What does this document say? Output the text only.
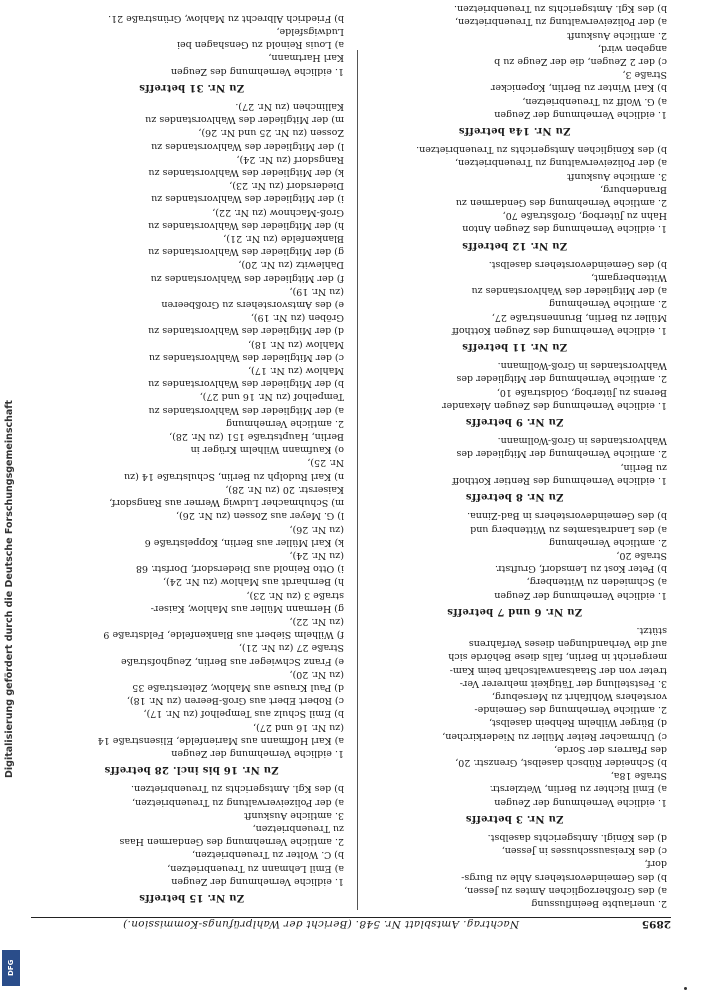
Digitalisierung gefördert durch die Deutsche Forschungsgemeinschaft
DFG
2895
Nachtrag. Amtsblatt Nr. 548. (Bericht der Wahlprüfungs-Kommission.)
2. unerlaubte Beeinflussung
a) des Großherzoglichen Amtes zu Jessen,
b) des Gemeindevorstehers Ahle zu Burgs-
dorf,
c) des Kreisausschusses in Jessen,
d) des Königl. Amtsgerichts daselbst.
Zu Nr. 3 betreffs
1. eidliche Vernehmung der Zeugen
a) Emil Richter zu Berlin, Wetzlerstr.
Straße 18a,
b) Schneider Rübsch daselbst, Grenzstr. 20,
des Pfarrers der Sorde,
c) Uhrmacher Reiter Müller zu Niederkirchen,
d) Bürger Wilhelm Rehbein daselbst,
2. amtliche Vernehmung des Gemeinde-
vorstehers Wohlfahrt zu Merseburg,
3. Feststellung der Tätigkeit mehrerer Ver-
treter von der Staatsanwaltschaft beim Kam-
mergericht in Berlin, falls diese Behörde sich
auf die Verhandlungen dieses Verfahrens
stützt.
Zu Nr. 6 und 7 betreffs
1. eidliche Vernehmung der Zeugen
a) Schmieden zu Wittenberg,
b) Peter Kost zu Lemsdorf, Gruftstr.
Straße 20,
2. amtliche Vernehmung
a) des Landratsamtes zu Wittenberg und
b) des Gemeindevorstehers in Bad-Zinna.
Zu Nr. 8 betreffs
1. eidliche Vernehmung des Rentier Kotthoff
zu Berlin,
2. amtliche Vernehmung der Mitglieder des
Wahlvorstandes in Groß-Wollmann.
Zu Nr. 9 betreffs
1. eidliche Vernehmung des Zeugen Alexander
Berens zu Jüterbog, Goldstraße 10,
2. amtliche Vernehmung der Mitglieder des
Wahlvorstandes in Groß-Wollmann.
Zu Nr. 11 betreffs
1. eidliche Vernehmung des Zeugen Kotthoff
Müller zu Berlin, Brunnenstraße 27,
2. amtliche Vernehmung
a) der Mitglieder des Wahlvorstandes zu
Wittenbergamt,
b) des Gemeindevorstehers daselbst.
Zu Nr. 12 betreffs
1. eidliche Vernehmung des Zeugen Anton
Hahn zu Jüterbog, Großstraße 70,
2. amtliche Vernehmung des Gendarmen zu
Brandenburg,
3. amtliche Auskunft
a) der Polizeiverwaltung zu Treuenbrietzen,
b) des Königlichen Amtsgerichts zu Treuenbrietzen.
Zu Nr. 14a betreffs
1. eidliche Vernehmung der Zeugen
a) G. Wolff zu Treuenbrietzen,
b) Karl Winter zu Berlin, Kopenicker
Straße 3,
c) der 2 Zeugen, die der Zeuge zu b
angeben wird,
2. amtliche Auskunft
a) der Polizeiverwaltung zu Treuenbrietzen,
b) des Kgl. Amtsgerichts zu Treuenbrietzen.
Zu Nr. 15 betreffs
1. eidliche Vernehmung der Zeugen
a) Emil Lehmann zu Treuenbrietzen,
b) C. Wolter zu Treuenbrietzen,
2. amtliche Vernehmung des Gendarmen Haas
zu Treuenbrietzen,
3. amtliche Auskunft
a) der Polizeiverwaltung zu Treuenbrietzen,
b) des Kgl. Amtsgerichts zu Treuenbrietzen.
Zu Nr. 16 bis incl. 28 betreffs
1. eidliche Vernehmung der Zeugen
a) Karl Hoffmann aus Marienfelde, Elisenstraße 14
(zu Nr. 16 und 27),
b) Emil Schulz aus Tempelhof (zu Nr. 17),
c) Robert Ebert aus Groß-Beeren (zu Nr. 18),
d) Paul Krause aus Mahlow, Zelterstraße 35
(zu Nr. 20),
e) Franz Schwieger aus Berlin, Zeughofstraße
Straße 27 (zu Nr. 21),
f) Wilhelm Siebert aus Blankenfelde, Feldstraße 9
(zu Nr. 22),
g) Hermann Müller aus Mahlow, Kaiser-
straße 3 (zu Nr. 23),
h) Bernhardt aus Mahlow (zu Nr. 24),
i) Otto Reinold aus Diedersdorf, Dorfstr. 68
(zu Nr. 24),
k) Karl Müller aus Berlin, Koppelstraße 6
(zu Nr. 26),
l) G. Meyer aus Zossen (zu Nr. 26),
m) Schuhmacher Ludwig Werner aus Rangsdorf,
Kaiserstr. 20 (zu Nr. 28),
n) Karl Rudolph zu Berlin, Schulstraße 14 (zu
Nr. 25),
o) Kaufmann Wilhelm Krüger in
Berlin, Hauptstraße 151 (zu Nr. 28),
2. amtliche Vernehmung
a) der Mitglieder des Wahlvorstandes zu
Tempelhof (zu Nr. 16 und 27),
b) der Mitglieder des Wahlvorstandes zu
Mahlow (zu Nr. 17),
c) der Mitglieder des Wahlvorstandes zu
Mahlow (zu Nr. 18),
d) der Mitglieder des Wahlvorstandes zu
Gröben (zu Nr. 19),
e) des Amtsvorstehers zu Großbeeren
(zu Nr. 19),
f) der Mitglieder des Wahlvorstandes zu
Dahlewitz (zu Nr. 20),
g) der Mitglieder des Wahlvorstandes zu
Blankenfelde (zu Nr. 21),
h) der Mitglieder des Wahlvorstandes zu
Groß-Machnow (zu Nr. 22),
i) der Mitglieder des Wahlvorstandes zu
Diedersdorf (zu Nr. 23),
k) der Mitglieder des Wahlvorstandes zu
Rangsdorf (zu Nr. 24),
l) der Mitglieder des Wahlvorstandes zu
Zossen (zu Nr. 25 und Nr. 26),
m) der Mitglieder des Wahlvorstandes zu
Kallinchen (zu Nr. 27).
Zu Nr. 31 betreffs
1. eidliche Vernehmung des Zeugen
Karl Hartmann,
a) Louis Reinold zu Genshagen bei
Ludwigsfelde,
b) Friedrich Albrecht zu Mahlow, Grünstraße 21.
